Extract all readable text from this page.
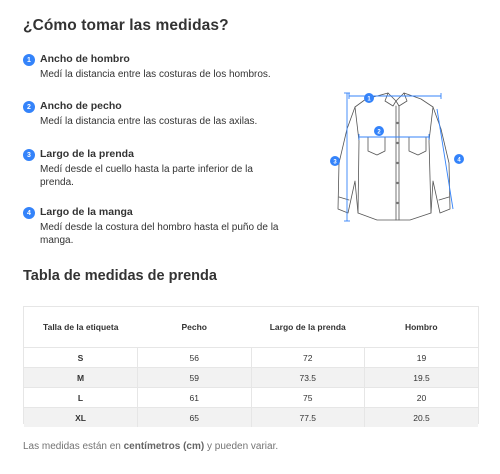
¿Cómo tomar las medidas?
1 Ancho de hombro
Medí la distancia entre las costuras de los hombros.
2 Ancho de pecho
Medí la distancia entre las costuras de las axilas.
3 Largo de la prenda
Medí desde el cuello hasta la parte inferior de la prenda.
4 Largo de la manga
Medí desde la costura del hombro hasta el puño de la manga.
1
2
3	4
Tabla de medidas de prenda
Talla de la etiqueta	Pecho	Largo de la prenda	Hombro
S	56	72	19
M	59	73.5	19.5
L	61	75	20
XL	65	77.5	20.5

Las medidas están en centímetros (cm) y pueden variar.
